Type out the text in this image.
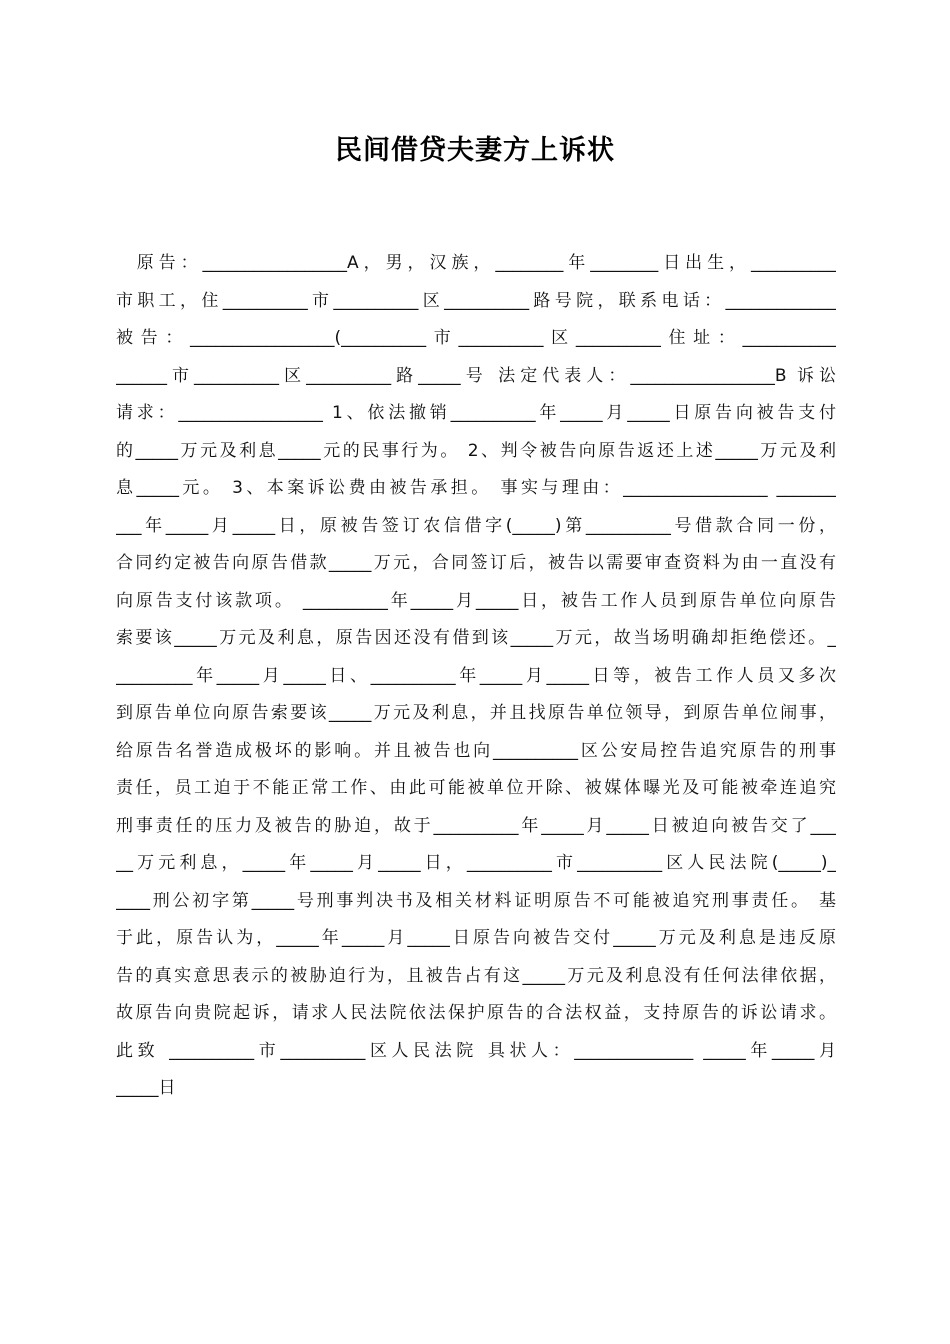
民间借贷夫妻方上诉状
原告：_________________A，男，汉族，________年________日出生，__________
市职工，住__________市__________区__________路号院，联系电话：_____________
被告：_________________(__________市__________区__________住址：___________
______市__________区__________路_____号 法定代表人：_________________B 诉讼
请求：_________________ 1、依法撤销__________年_____月_____日原告向被告支付
的_____万元及利息_____元的民事行为。 2、判令被告向原告返还上述_____万元及利
息_____元。 3、本案诉讼费由被告承担。 事实与理由：_________________ _______
___年_____月_____日，原被告签订农信借字(_____)第__________号借款合同一份，
合同约定被告向原告借款_____万元，合同签订后，被告以需要审查资料为由一直没有
向原告支付该款项。 __________年_____月_____日，被告工作人员到原告单位向原告
索要该_____万元及利息，原告因还没有借到该_____万元，故当场明确却拒绝偿还。_
_________年_____月_____日、__________年_____月_____日等，被告工作人员又多次
到原告单位向原告索要该_____万元及利息，并且找原告单位领导，到原告单位闹事，
给原告名誉造成极坏的影响。并且被告也向__________区公安局控告追究原告的刑事
责任，员工迫于不能正常工作、由此可能被单位开除、被媒体曝光及可能被牵连追究
刑事责任的压力及被告的胁迫，故于__________年_____月_____日被迫向被告交了___
__万元利息，_____年_____月_____日，__________市__________区人民法院(_____)_
____刑公初字第_____号刑事判决书及相关材料证明原告不可能被追究刑事责任。 基
于此，原告认为，_____年_____月_____日原告向被告交付_____万元及利息是违反原
告的真实意思表示的被胁迫行为，且被告占有这_____万元及利息没有任何法律依据，
故原告向贵院起诉，请求人民法院依法保护原告的合法权益，支持原告的诉讼请求。
此致 __________市__________区人民法院 具状人：______________ _____年_____月
_____日
